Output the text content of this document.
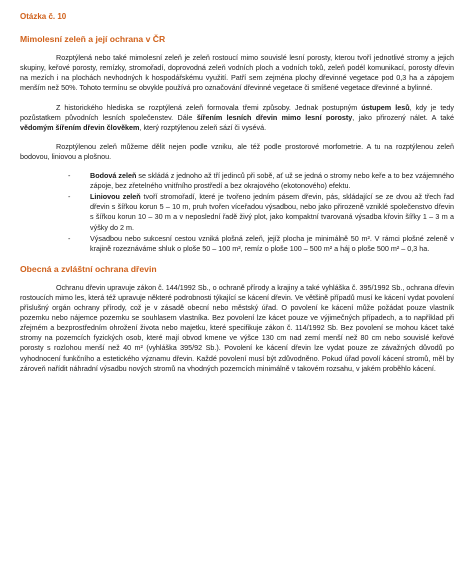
Otázka č. 10
Mimolesní zeleň a její ochrana v ČR

Rozptýlená nebo také mimolesní zeleň je zeleň rostoucí mimo souvislé lesní porosty, kterou tvoří jednotlivé stromy a jejich skupiny, keřové porosty, remízky, stromořadí, doprovodná zeleň vodních ploch a vodních toků, zeleň podél komunikací, porosty dřevin na mezích i na plochách nevhodných k hospodářskému využití. Patří sem zejména plochy dřevinné vegetace pod 0,3 ha a zápojem menším než 50%. Tohoto termínu se obvykle používá pro označování dřevinné vegetace či smíšené vegetace dřevinné a bylinné.

Z historického hlediska se rozptýlená zeleň formovala třemi způsoby. Jednak postupným ústupem lesů, kdy je tedy pozůstatkem původních lesních společenstev. Dále šířením lesních dřevin mimo lesní porosty, jako přirozený nálet. A také vědomým šířením dřevin člověkem, který rozptýlenou zeleň sází či vysévá.

Rozptýlenou zeleň můžeme dělit nejen podle vzniku, ale též podle prostorové morfometrie. A tu na rozptýlenou zeleň bodovou, liniovou a plošnou.

-	Bodová zeleň se skládá z jednoho až tří jedinců při sobě, ať už se jedná o stromy nebo keře a to bez vzájemného zápoje, bez zřetelného vnitřního prostředí a bez okrajového (ekotonového) efektu.
-	Liniovou zeleň tvoří stromořadí, které je tvořeno jedním pásem dřevin, pás, skládající se ze dvou až třech řad dřevin s šířkou korun 5 – 10 m, pruh tvořen víceřadou výsadbou, nebo jako přirozeně vzniklé společenstvo dřevin s šířkou korun 10 – 30 m a v neposlední řadě živý plot, jako kompaktní tvarovaná výsadba křovin šířky 1 – 3 m a výšky do 2 m.
-	Výsadbou nebo sukcesní cestou vzniká plošná zeleň, jejíž plocha je minimálně 50 m². V rámci plošné zeleně v krajině rozeznáváme shluk o ploše 50 – 100 m², remíz o ploše 100 – 500 m² a háj o ploše 500 m² – 0,3 ha.
Obecná a zvláštní ochrana dřevin

Ochranu dřevin upravuje zákon č. 144/1992 Sb., o ochraně přírody a krajiny a také vyhláška č. 395/1992 Sb., ochrana dřevin rostoucích mimo les, která též upravuje některé podrobnosti týkající se kácení dřevin. Ve většině případů musí ke kácení vydat povolení příslušný orgán ochrany přírody, což je v zásadě obecní nebo městský úřad. O povolení ke kácení může požádat pouze vlastník pozemku nebo nájemce pozemku se souhlasem vlastníka. Bez povolení lze kácet pouze ve výjimečných případech, a to například při zřejmém a bezprostředním ohrožení života nebo majetku, které specifikuje zákon č. 114/1992 Sb. Bez povolení se mohou kácet také stromy na pozemcích fyzických osob, které mají obvod kmene ve výšce 130 cm nad zemí menší než 80 cm nebo souvislé keřové porosty s rozlohou menší než 40 m² (vyhláška 395/92 Sb.). Povolení ke kácení dřevin lze vydat pouze ze závažných důvodů po vyhodnocení funkčního a estetického významu dřevin. Každé povolení musí být zdůvodněno. Pokud úřad povolí kácení stromů, měl by zároveň nařídit náhradní výsadbu nových stromů na vhodných pozemcích minimálně v takovém rozsahu, v jakém proběhlo kácení.
